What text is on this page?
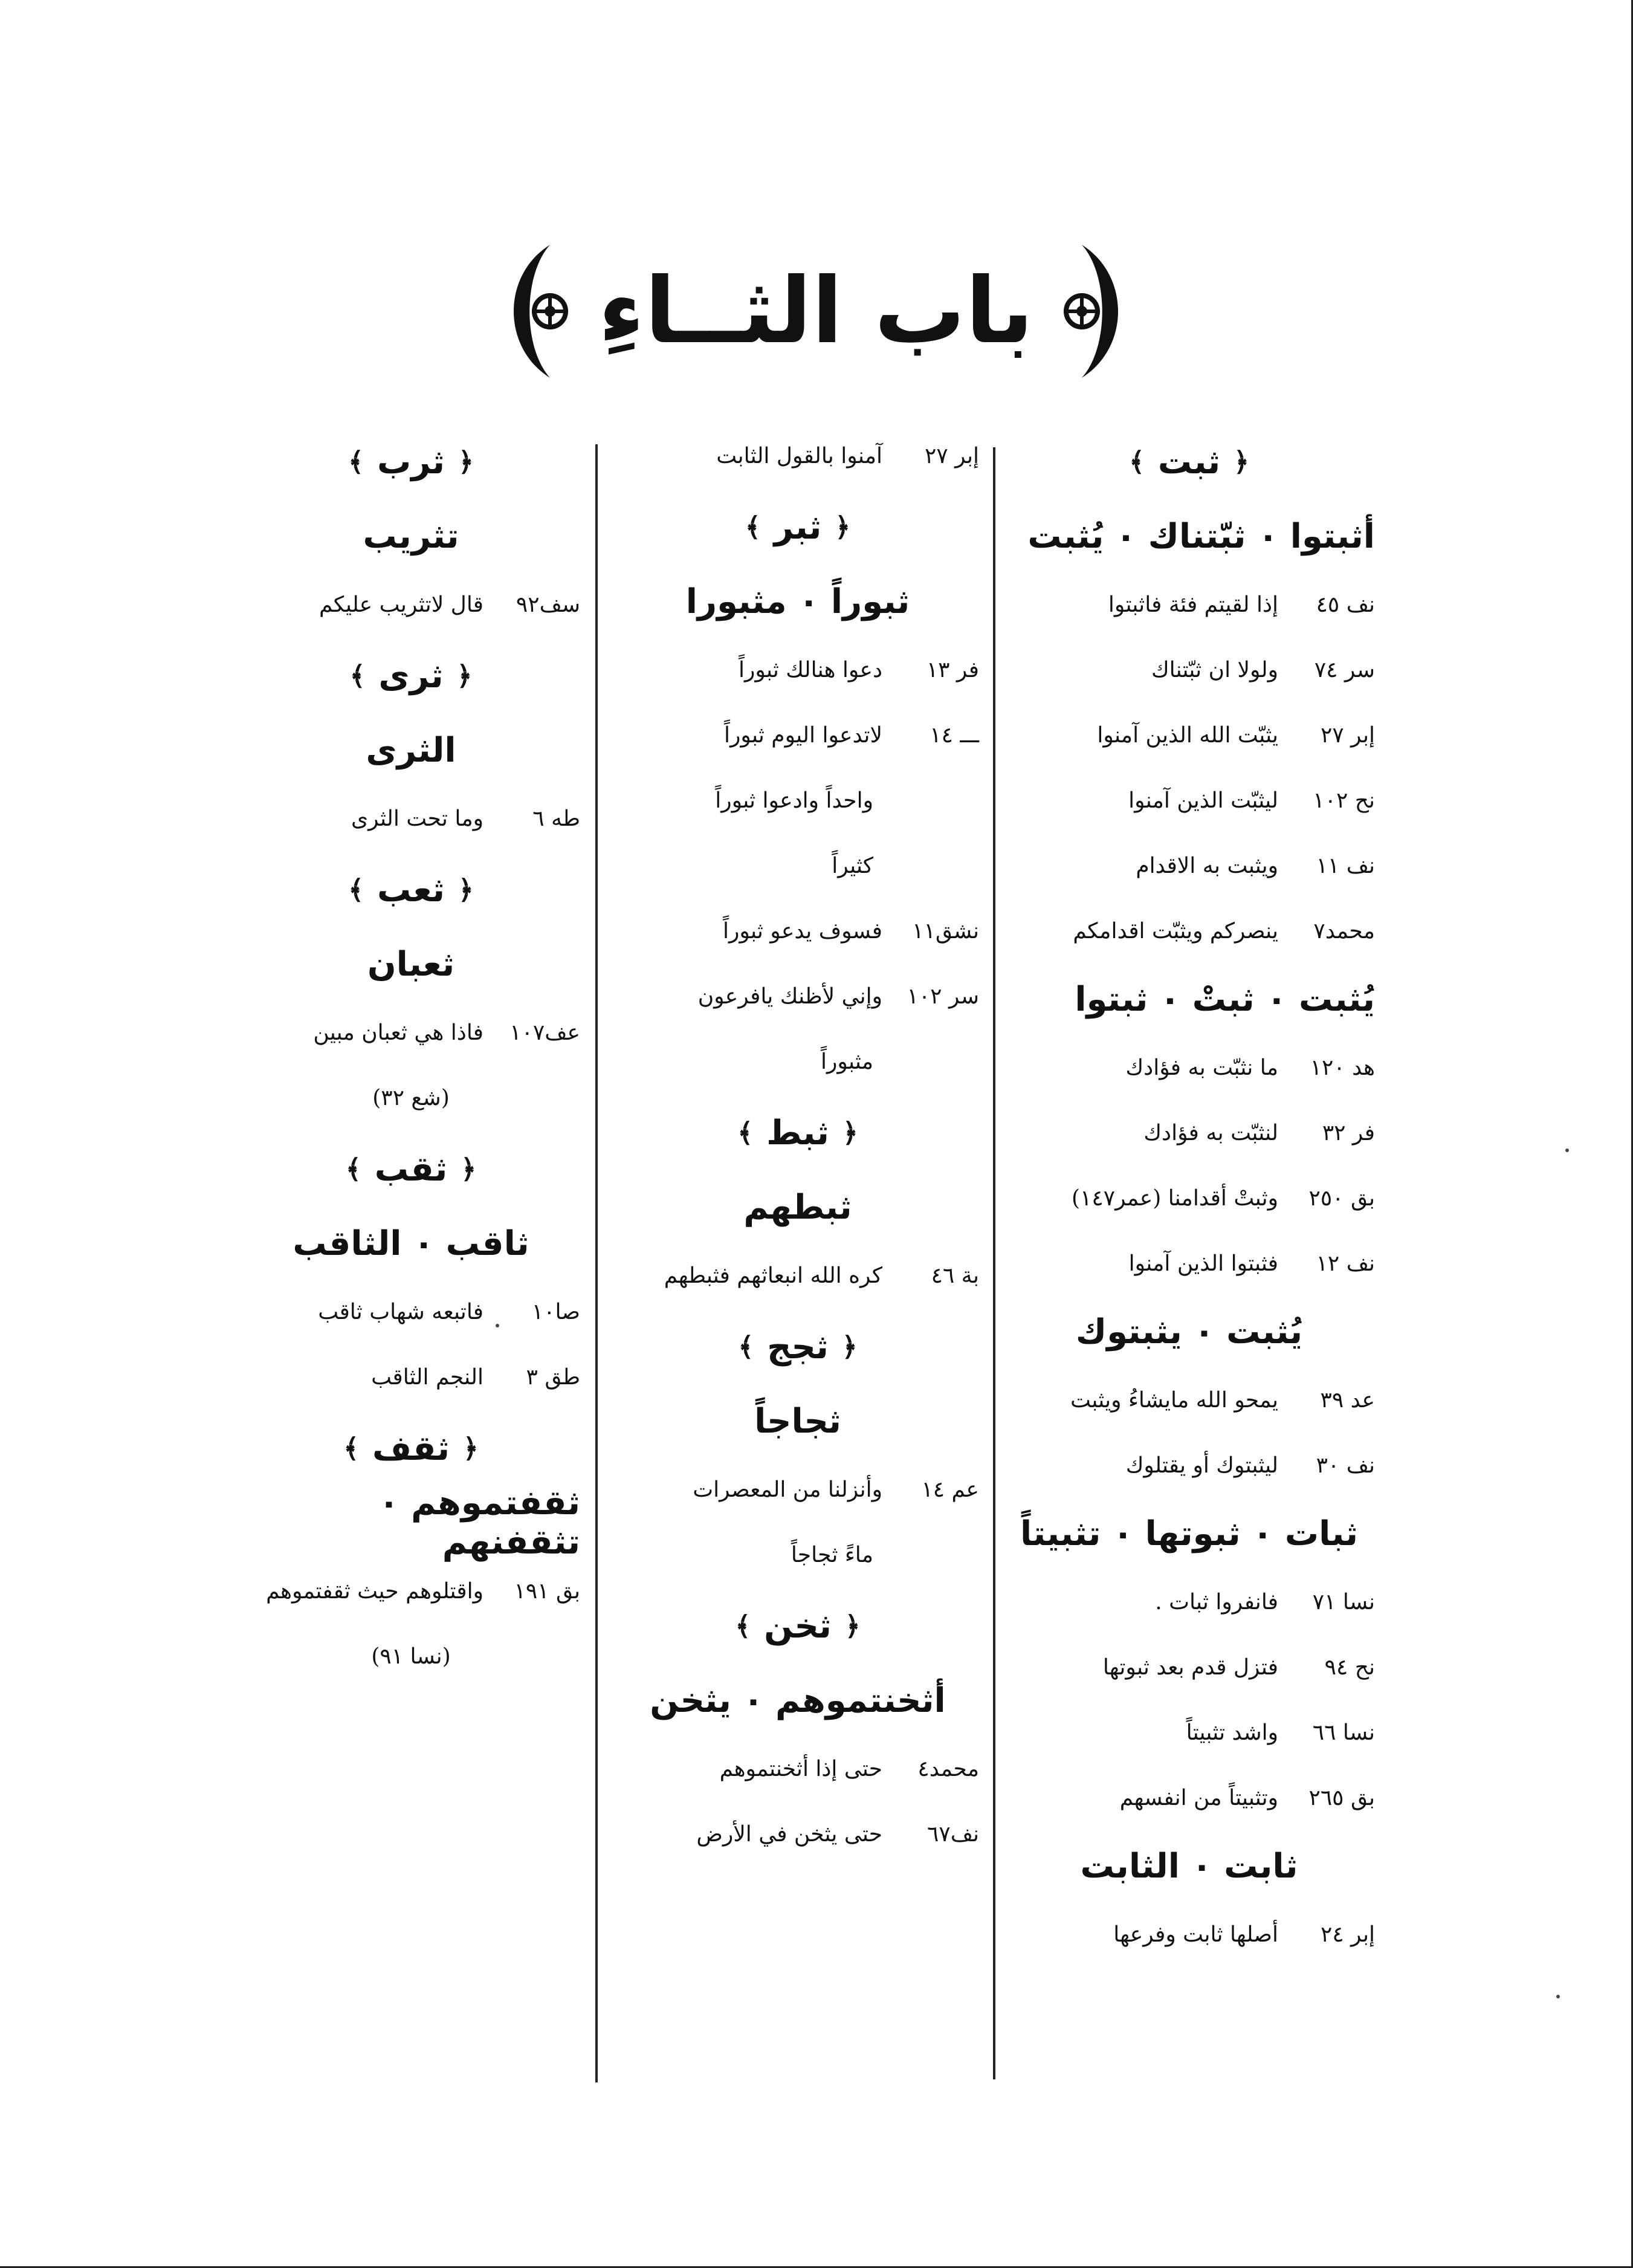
باب الثــاءِ
﴿
ثبت
﴾
أثبتوا ۰ ثبّتناك ۰ يُثبت
نف ٤٥
إذا لقيتم فئة فاثبتوا
سر ٧٤
ولولا ان ثبّتناك
إبر ٢٧
يثبّت الله الذين آمنوا
نح ١٠٢
ليثبّت الذين آمنوا
نف ١١
ويثبت به الاقدام
محمد٧
ينصركم ويثبّت اقدامكم
يُثبت ۰ ثبتْ ۰ ثبتوا
هد ١٢٠
ما نثبّت به فؤادك
فر ٣٢
لنثبّت به فؤادك
بق ٢٥٠
وثبتْ أقدامنا (عمر١٤٧)
نف ١٢
فثبتوا الذين آمنوا
يُثبت ۰ يثبتوك
عد ٣٩
يمحو الله مايشاءُ ويثبت
نف ٣٠
ليثبتوك أو يقتلوك
ثبات ۰ ثبوتها ۰ تثبيتاً
نسا ٧١
فانفروا ثبات .
نح ٩٤
فتزل قدم بعد ثبوتها
نسا ٦٦
واشد تثبيتاً
بق ٢٦٥
وتثبيتاً من انفسهم
ثابت ۰ الثابت
إبر ٢٤
أصلها ثابت وفرعها
إبر ٢٧
آمنوا بالقول الثابت
﴿
ثبر
﴾
ثبوراً ۰ مثبورا
فر ١٣
دعوا هنالك ثبوراً
ـــ ١٤
لاتدعوا اليوم ثبوراً
واحداً وادعوا ثبوراً
كثيراً
نشق١١
فسوف يدعو ثبوراً
سر ١٠٢
وإني لأظنك يافرعون
مثبوراً
﴿
ثبط
﴾
ثبطهم
بة ٤٦
كره الله انبعاثهم فثبطهم
﴿
ثجج
﴾
ثجاجاً
عم ١٤
وأنزلنا من المعصرات
ماءً ثجاجاً
﴿
ثخن
﴾
أثخنتموهم ۰ يثخن
محمد٤
حتى إذا أثخنتموهم
نف٦٧
حتى يثخن في الأرض
﴿
ثرب
﴾
تثريب
سف٩٢
قال لاتثريب عليكم
﴿
ثرى
﴾
الثرى
طه ٦
وما تحت الثرى
﴿
ثعب
﴾
ثعبان
عف١٠٧
فاذا هي ثعبان مبين
(شع ٣٢)
﴿
ثقب
﴾
ثاقب ۰ الثاقب
صا١٠
فاتبعه شهاب ثاقب
طق ٣
النجم الثاقب
﴿
ثقف
﴾
ثقفتموهم ۰ تثقفنهم
بق ١٩١
واقتلوهم حيث ثقفتموهم
(نسا ٩١)
